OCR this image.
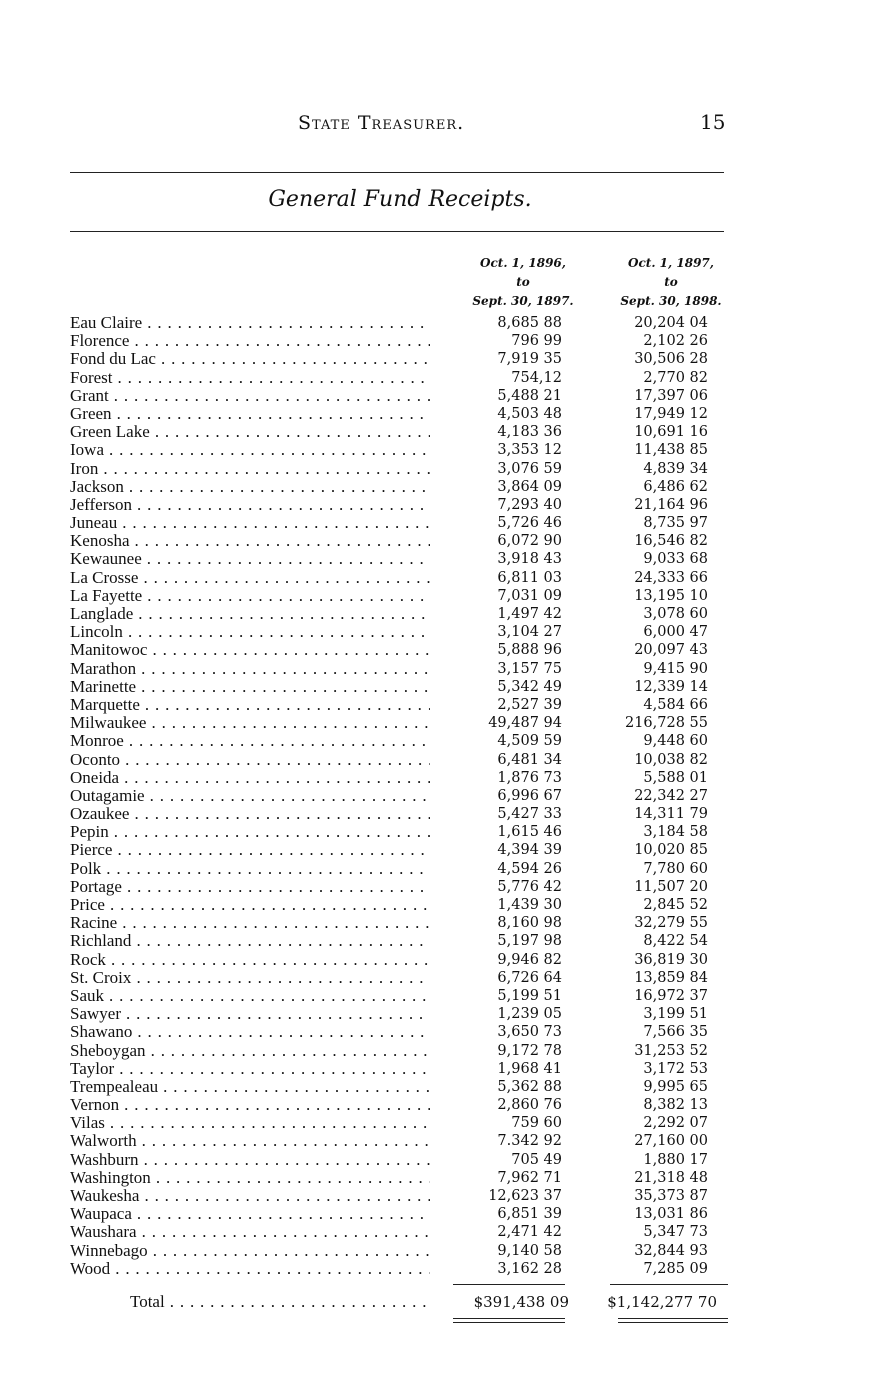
State Treasurer.	15
General Fund Receipts.
Oct. 1, 1896,
to
Sept. 30, 1897.
Oct. 1, 1897,
to
Sept. 30, 1898.
Eau Claire . . .	8,685 88	20,204 04
Florence . . .	796 99	2,102 26
Fond du Lac . . .	7,919 35	30,506 28
Forest . . .	754,12	2,770 82
Grant . . .	5,488 21	17,397 06
Green . . .	4,503 48	17,949 12
Green Lake . . .	4,183 36	10,691 16
Iowa . . .	3,353 12	11,438 85
Iron . . .	3,076 59	4,839 34
Jackson . . .	3,864 09	6,486 62
Jefferson . . .	7,293 40	21,164 96
Juneau . . .	5,726 46	8,735 97
Kenosha . . .	6,072 90	16,546 82
Kewaunee . . .	3,918 43	9,033 68
La Crosse . . .	6,811 03	24,333 66
La Fayette . . .	7,031 09	13,195 10
Langlade . . .	1,497 42	3,078 60
Lincoln . . .	3,104 27	6,000 47
Manitowoc . . .	5,888 96	20,097 43
Marathon . . .	3,157 75	9,415 90
Marinette . . .	5,342 49	12,339 14
Marquette . . .	2,527 39	4,584 66
Milwaukee . . .	49,487 94	216,728 55
Monroe . . .	4,509 59	9,448 60
Oconto . . .	6,481 34	10,038 82
Oneida . . .	1,876 73	5,588 01
Outagamie . . .	6,996 67	22,342 27
Ozaukee . . .	5,427 33	14,311 79
Pepin . . .	1,615 46	3,184 58
Pierce . . .	4,394 39	10,020 85
Polk . . .	4,594 26	7,780 60
Portage . . .	5,776 42	11,507 20
Price . . .	1,439 30	2,845 52
Racine . . .	8,160 98	32,279 55
Richland . . .	5,197 98	8,422 54
Rock . . .	9,946 82	36,819 30
St. Croix . . .	6,726 64	13,859 84
Sauk . . .	5,199 51	16,972 37
Sawyer . . .	1,239 05	3,199 51
Shawano . . .	3,650 73	7,566 35
Sheboygan . . .	9,172 78	31,253 52
Taylor . . .	1,968 41	3,172 53
Trempealeau . . .	5,362 88	9,995 65
Vernon . . .	2,860 76	8,382 13
Vilas . . .	759 60	2,292 07
Walworth . . .	7.342 92	27,160 00
Washburn . . .	705 49	1,880 17
Washington . . .	7,962 71	21,318 48
Waukesha . . .	12,623 37	35,373 87
Waupaca . . .	6,851 39	13,031 86
Waushara . . .	2,471 42	5,347 73
Winnebago . . .	9,140 58	32,844 93
Wood . . .	3,162 28	7,285 09
Total . . .	$391,438 09	$1,142,277 70
